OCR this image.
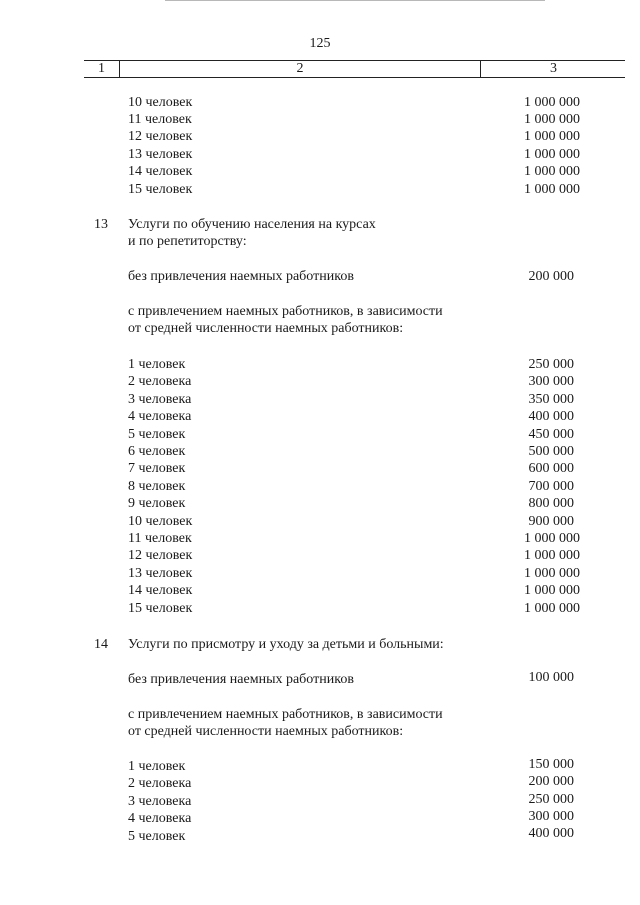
125
1	2	3
10 человек	1 000 000
11 человек	1 000 000
12 человек	1 000 000
13 человек	1 000 000
14 человек	1 000 000
15 человек	1 000 000
13 Услуги по обучению населения на курсах
и по репетиторству:
без привлечения наемных работников	200 000
с привлечением наемных работников, в зависимости
от средней численности наемных работников:
1 человек	250 000
2 человека	300 000
3 человека	350 000
4 человека	400 000
5 человек	450 000
6 человек	500 000
7 человек	600 000
8 человек	700 000
9 человек	800 000
10 человек	900 000
11 человек	1 000 000
12 человек	1 000 000
13 человек	1 000 000
14 человек	1 000 000
15 человек	1 000 000
14 Услуги по присмотру и уходу за детьми и больными:
без привлечения наемных работников	100 000
с привлечением наемных работников, в зависимости
от средней численности наемных работников:
1 человек	150 000
2 человека	200 000
3 человека	250 000
4 человека	300 000
5 человек	400 000
